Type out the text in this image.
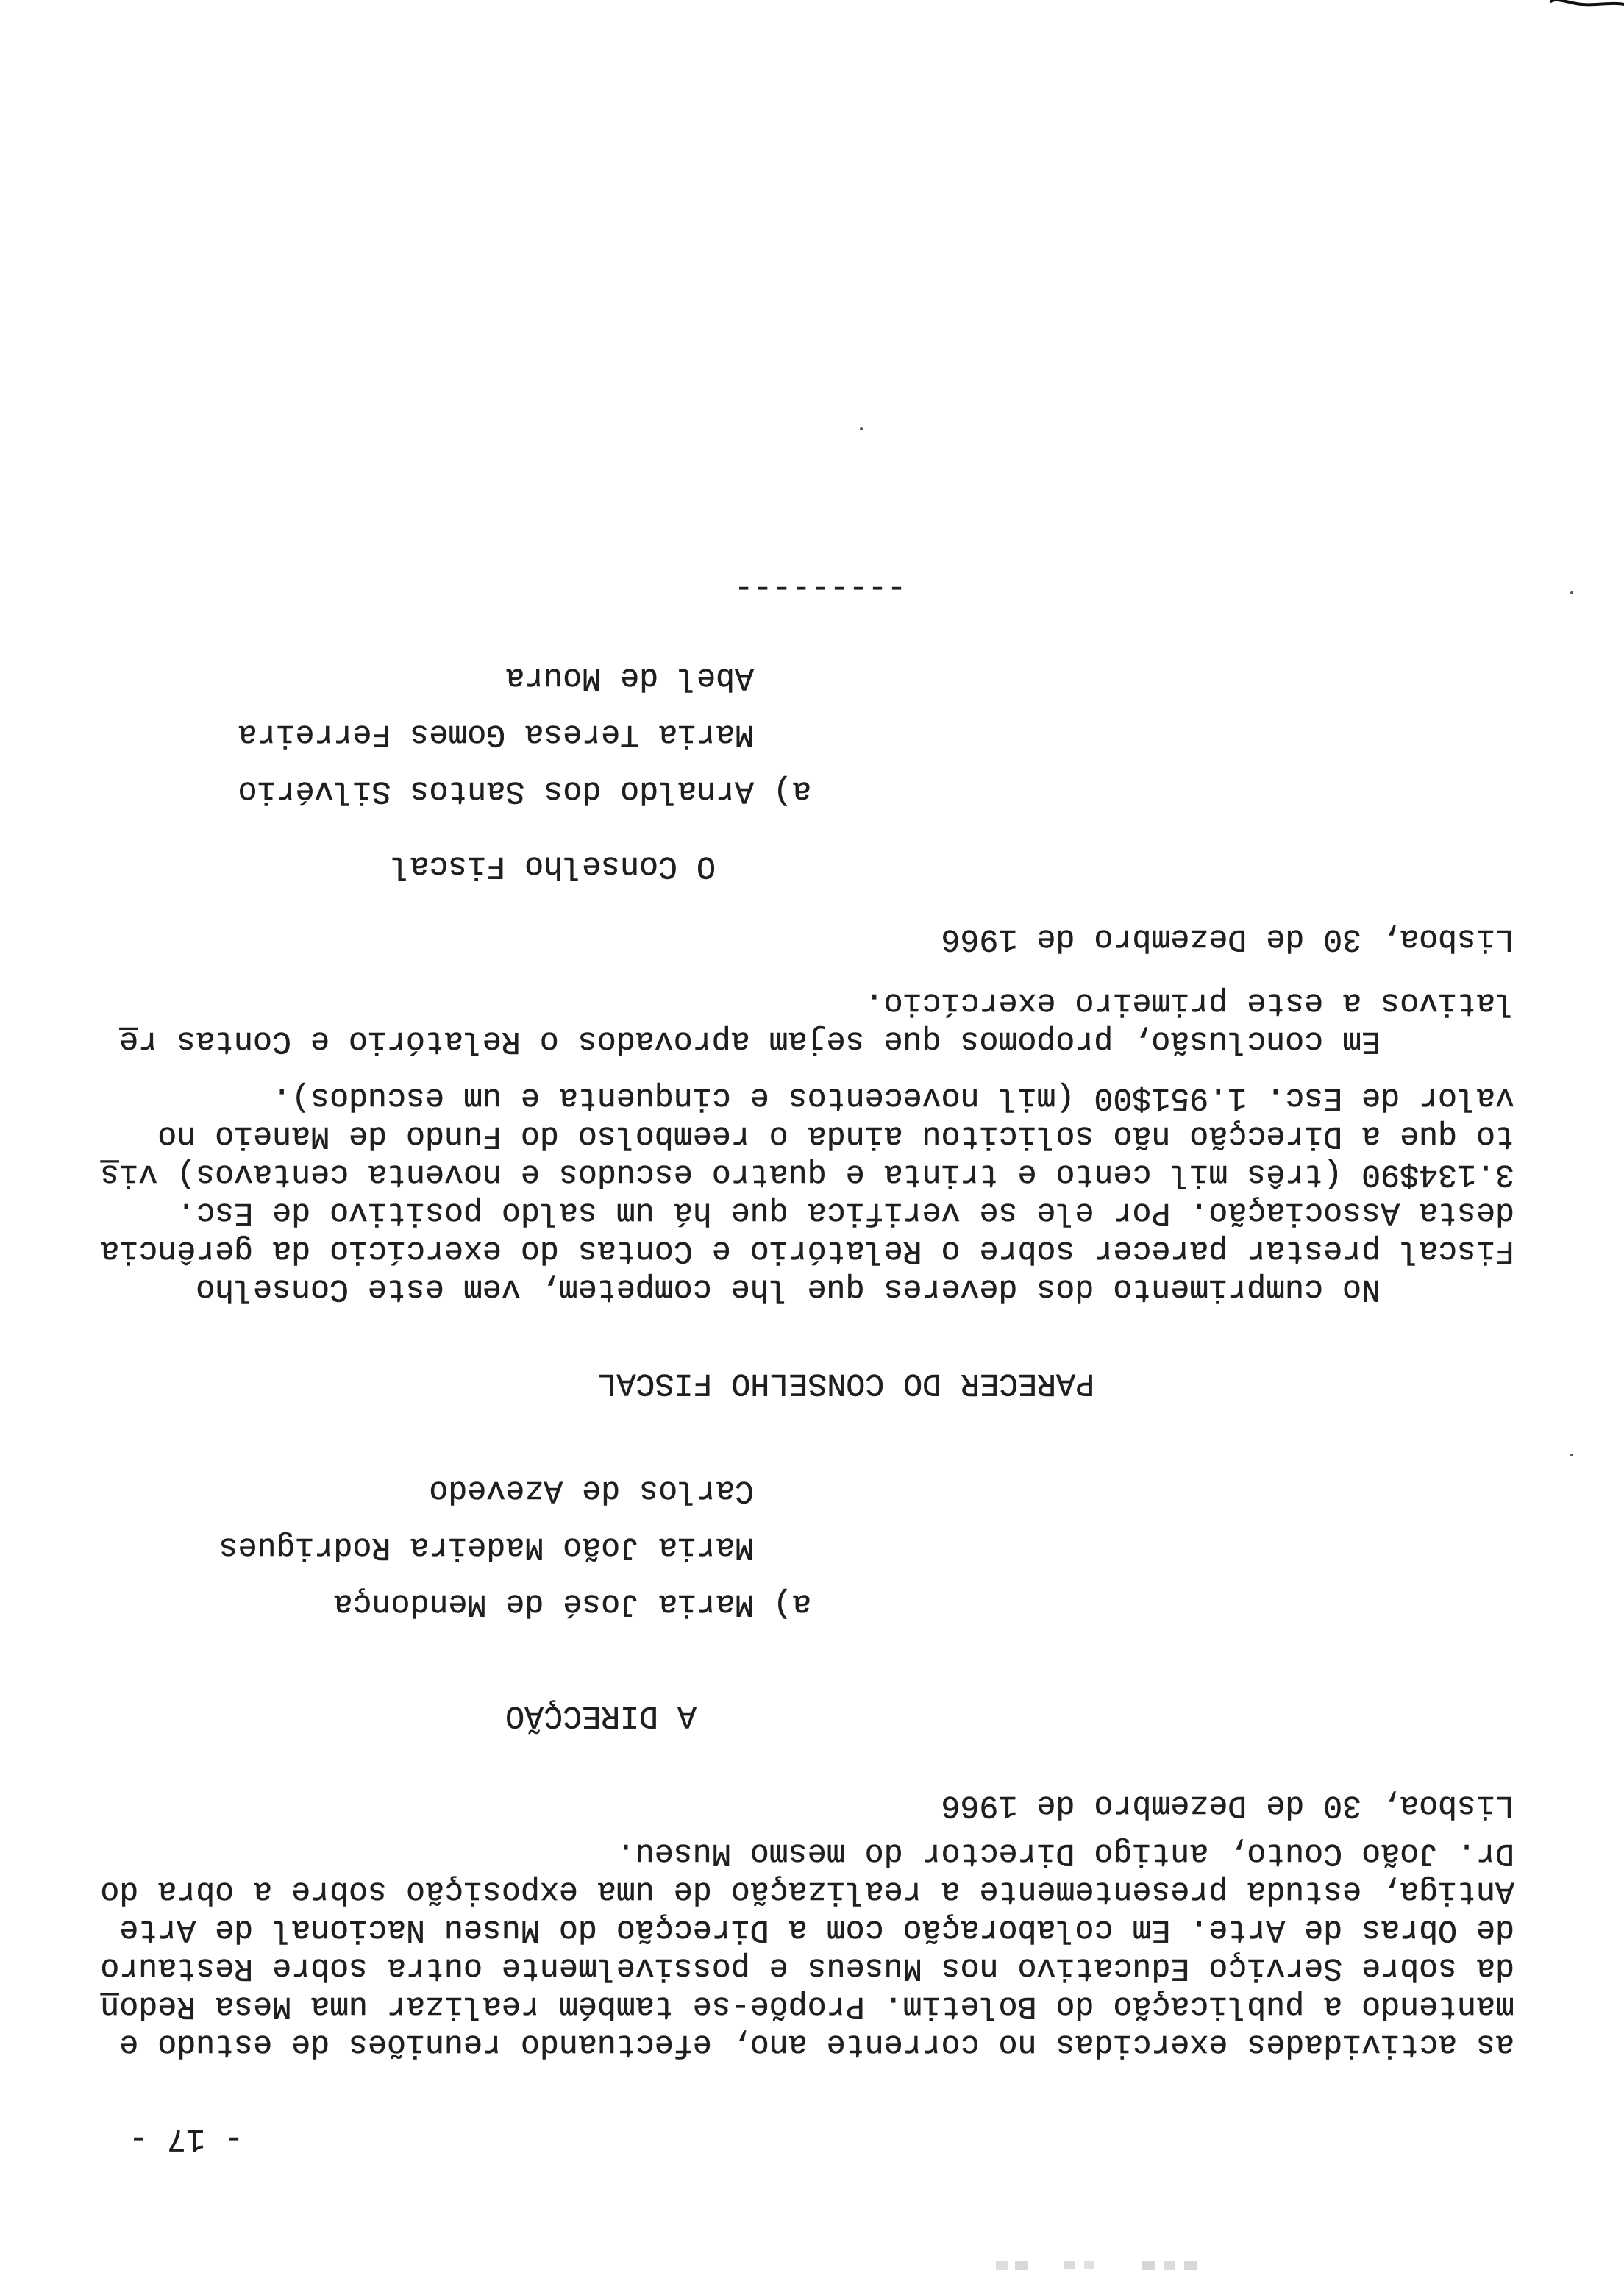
- 17 -
as actividades exercidas no corrente ano, efectuando reuniões de estudo e
mantendo a publicação do Boletim. Propõe-se também realizar uma Mesa Redon̲
da sobre Serviço Educativo nos Museus e possivelmente outra sobre Restauro
de Obras de Arte. Em colaboração com a Direcção do Museu Nacional de Arte
Antiga, estuda presentemente a realização de uma exposição sobre a obra do
Dr. João Couto, antigo Director do mesmo Museu.
Lisboa, 30 de Dezembro de 1966
A DIRECÇÃO
a) Maria José de Mendonça
Maria João Madeira Rodrigues
Carlos de Azevedo
PARECER DO CONSELHO FISCAL
No cumprimento dos deveres que lhe competem, vem este Conselho
Fiscal prestar parecer sobre o Relatório e Contas do exercício da gerência
desta Associação. Por ele se verifica que há um saldo positivo de Esc.
3.134$90 (três mil cento e trinta e quatro escudos e noventa centavos) vis̲
to que a Direcção não solicitou ainda o reembolso do Fundo de Maneio no
valor de Esc. 1.951$00 (mil novecentos e cinquenta e um escudos).
Em conclusão, propomos que sejam aprovados o Relatório e Contas re̲
lativos a este primeiro exercício.
Lisboa, 30 de Dezembro de 1966
O Conselho Fiscal
a) Arnaldo dos Santos Silvério
Maria Teresa Gomes Ferreira
Abel de Moura
---------
